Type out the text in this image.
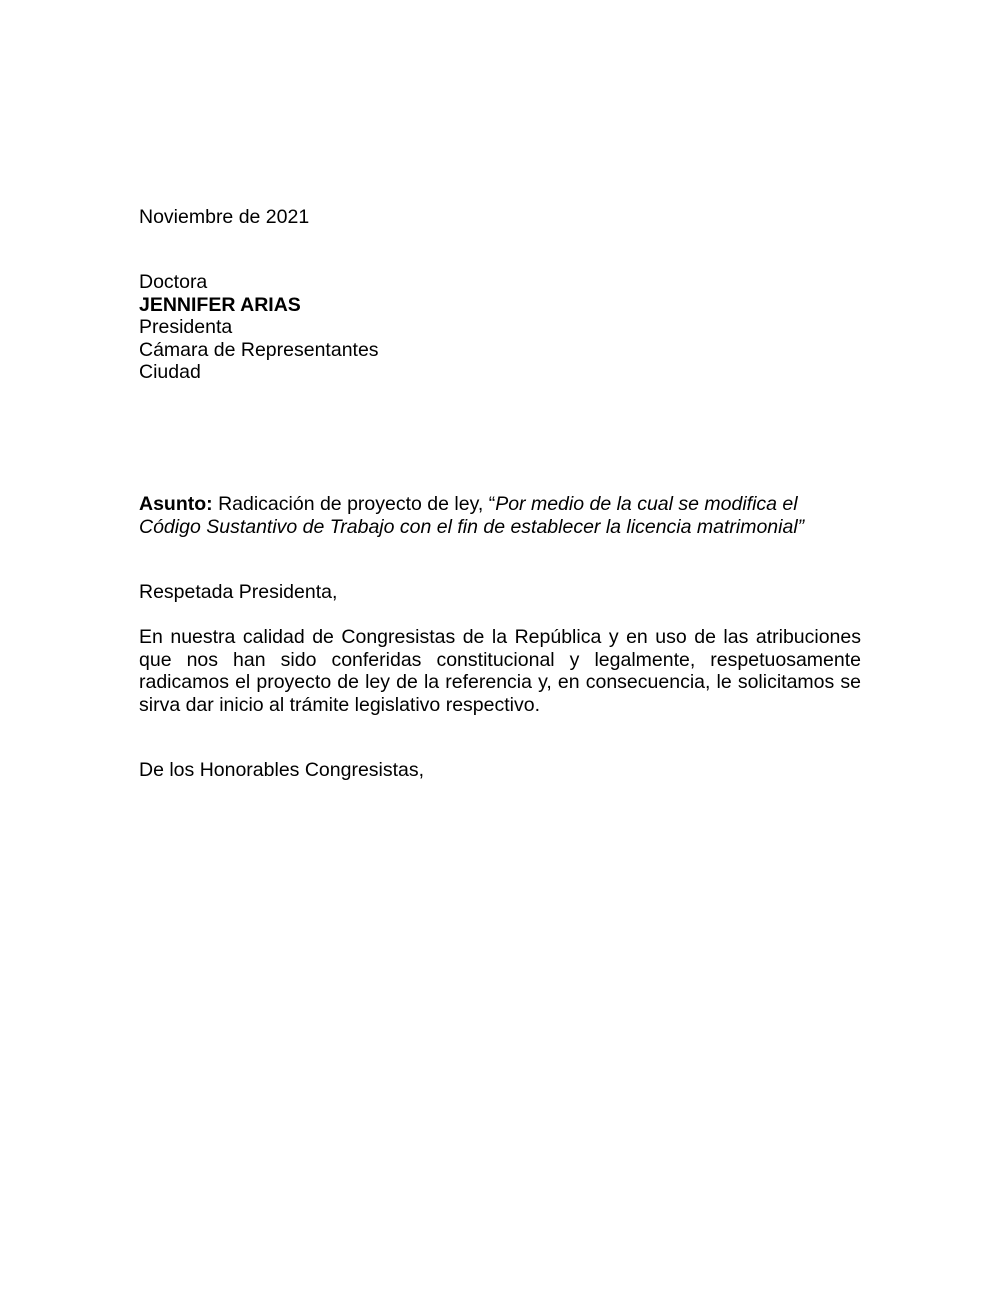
Noviembre de 2021
Doctora
JENNIFER ARIAS
Presidenta
Cámara de Representantes
Ciudad
Asunto: Radicación de proyecto de ley, “Por medio de la cual se modifica el Código Sustantivo de Trabajo con el fin de establecer la licencia matrimonial”
Respetada Presidenta,
En nuestra calidad de Congresistas de la República y en uso de las atribuciones que nos han sido conferidas constitucional y legalmente, respetuosamente radicamos el proyecto de ley de la referencia y, en consecuencia, le solicitamos se sirva dar inicio al trámite legislativo respectivo.
De los Honorables Congresistas,
